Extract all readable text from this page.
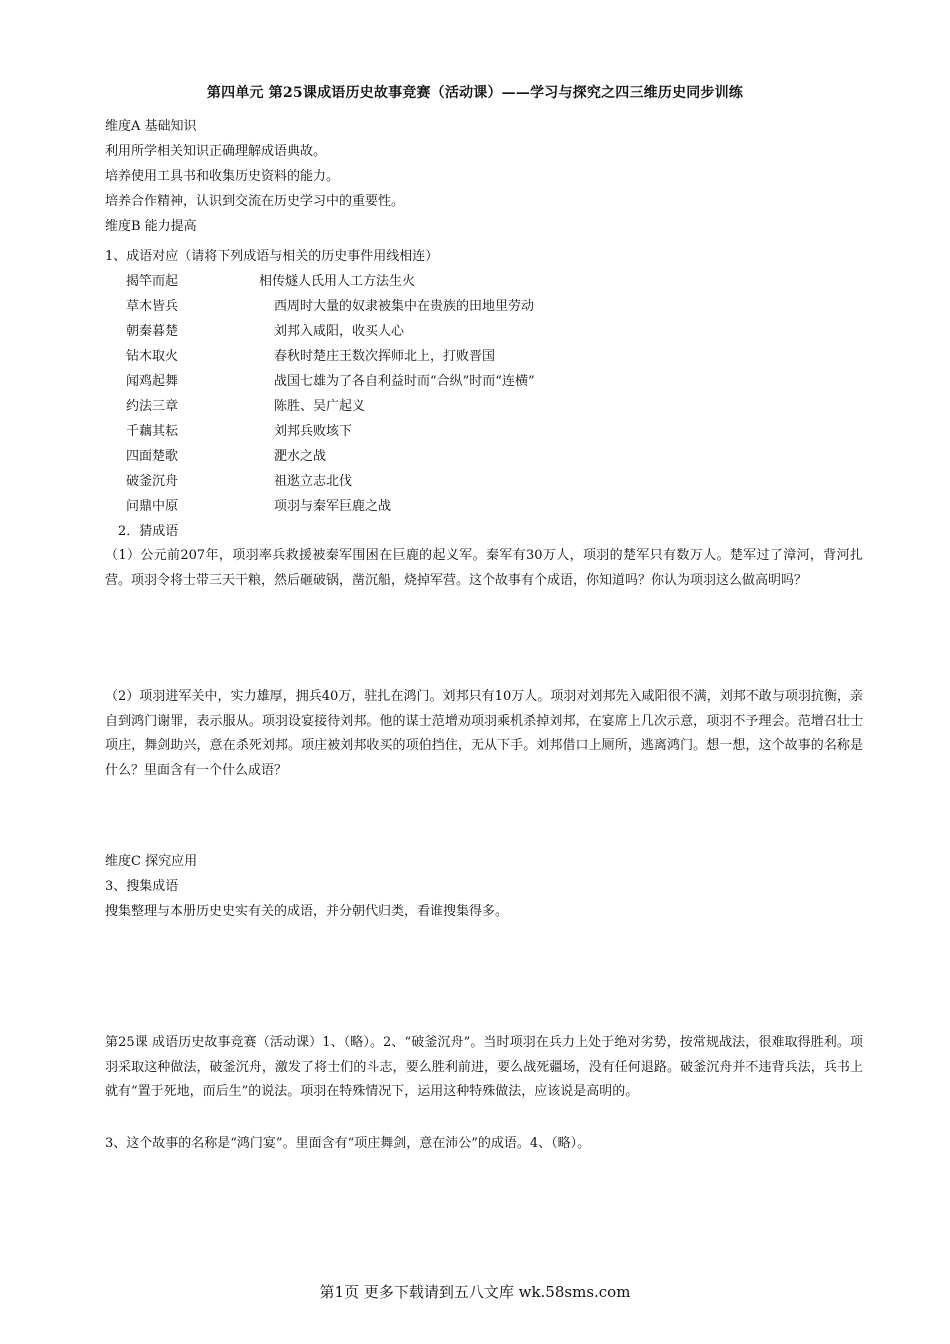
第四单元 第25课成语历史故事竞赛（活动课）——学习与探究之四三维历史同步训练
维度A 基础知识
利用所学相关知识正确理解成语典故。
培养使用工具书和收集历史资料的能力。
培养合作精神，认识到交流在历史学习中的重要性。
维度B 能力提高
1、成语对应（请将下列成语与相关的历史事件用线相连）
揭竿而起	相传燧人氏用人工方法生火
草木皆兵	西周时大量的奴隶被集中在贵族的田地里劳动
朝秦暮楚	刘邦入咸阳，收买人心
钻木取火	春秋时楚庄王数次挥师北上，打败晋国
闻鸡起舞	战国七雄为了各自利益时而“合纵”时而“连横”
约法三章	陈胜、吴广起义
千藕其耘	刘邦兵败垓下
四面楚歌	淝水之战
破釜沉舟	祖逖立志北伐
问鼎中原	项羽与秦军巨鹿之战
2．猜成语
（1）公元前207年，项羽率兵救援被秦军围困在巨鹿的起义军。秦军有30万人，项羽的楚军只有数万人。楚军过了漳河，背河扎营。项羽令将士带三天干粮，然后砸破锅，凿沉船，烧掉军营。这个故事有个成语，你知道吗？你认为项羽这么做高明吗？
（2）项羽进军关中，实力雄厚，拥兵40万，驻扎在鸿门。刘邦只有10万人。项羽对刘邦先入咸阳很不满，刘邦不敢与项羽抗衡，亲自到鸿门谢罪，表示服从。项羽设宴接待刘邦。他的谋士范增劝项羽乘机杀掉刘邦，在宴席上几次示意，项羽不予理会。范增召壮士项庄，舞剑助兴，意在杀死刘邦。项庄被刘邦收买的项伯挡住，无从下手。刘邦借口上厕所，逃离鸿门。想一想，这个故事的名称是什么？里面含有一个什么成语？
维度C 探究应用
3、搜集成语
搜集整理与本册历史史实有关的成语，并分朝代归类，看谁搜集得多。
第25课 成语历史故事竞赛（活动课）1、（略）。2、“破釜沉舟”。当时项羽在兵力上处于绝对劣势，按常规战法，很难取得胜利。项羽采取这种做法，破釜沉舟，激发了将士们的斗志，要么胜利前进，要么战死疆场，没有任何退路。破釜沉舟并不违背兵法，兵书上就有“置于死地，而后生”的说法。项羽在特殊情况下，运用这种特殊做法，应该说是高明的。
3、这个故事的名称是“鸿门宴”。里面含有“项庄舞剑，意在沛公”的成语。4、（略）。
第1页 更多下载请到五八文库 wk.58sms.com
